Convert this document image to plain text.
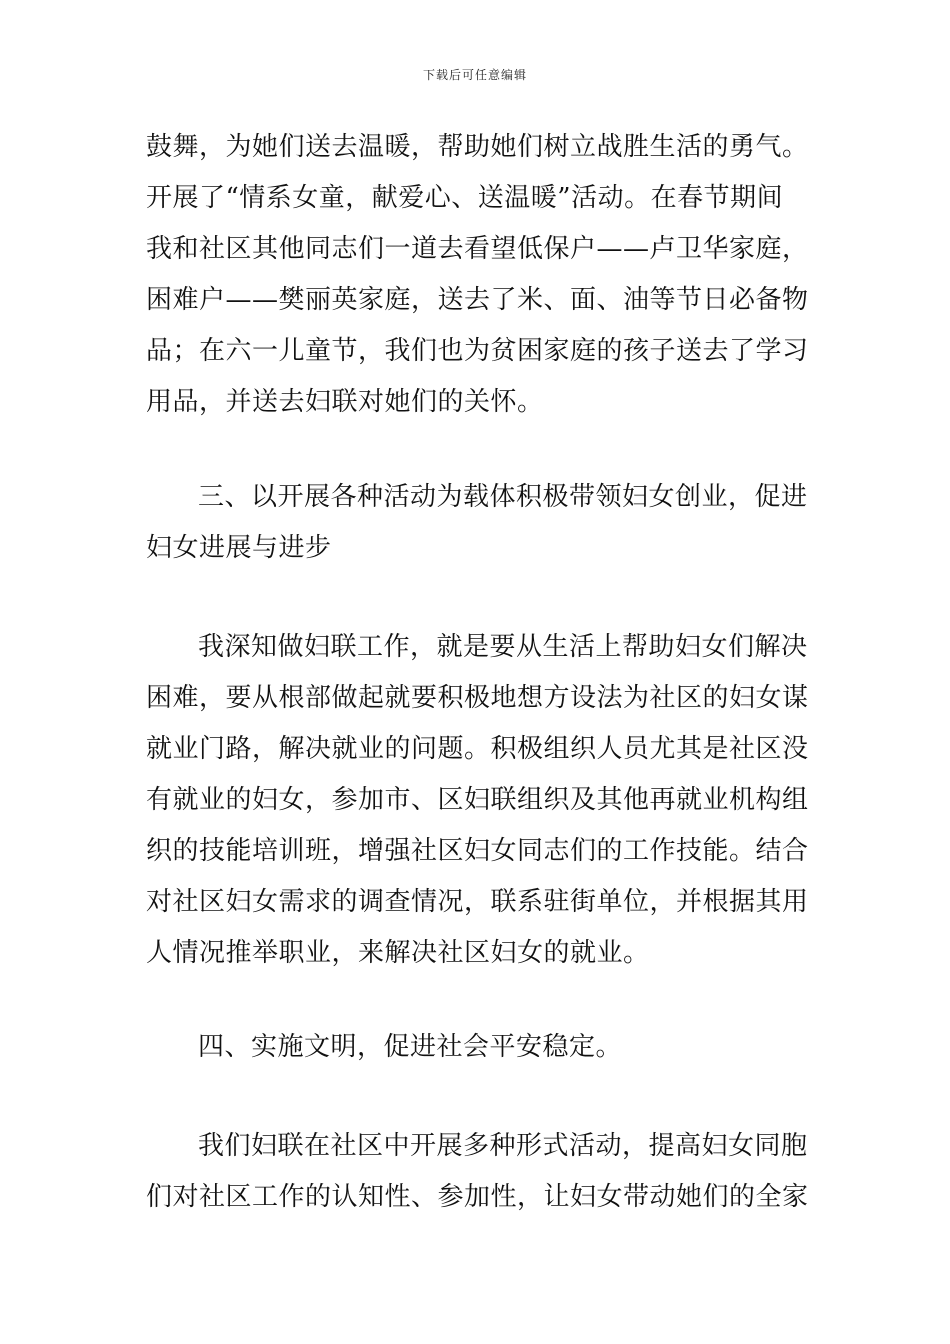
下载后可任意编辑
鼓舞，为她们送去温暖，帮助她们树立战胜生活的勇气。
开展了“情系女童，献爱心、送温暖”活动。在春节期间
我和社区其他同志们一道去看望低保户——卢卫华家庭，
困难户——樊丽英家庭，送去了米、面、油等节日必备物
品；在六一儿童节，我们也为贫困家庭的孩子送去了学习
用品，并送去妇联对她们的关怀。
三、以开展各种活动为载体积极带领妇女创业，促进
妇女进展与进步
我深知做妇联工作，就是要从生活上帮助妇女们解决
困难，要从根部做起就要积极地想方设法为社区的妇女谋
就业门路，解决就业的问题。积极组织人员尤其是社区没
有就业的妇女，参加市、区妇联组织及其他再就业机构组
织的技能培训班，增强社区妇女同志们的工作技能。结合
对社区妇女需求的调查情况，联系驻街单位，并根据其用
人情况推举职业，来解决社区妇女的就业。
四、实施文明，促进社会平安稳定。
我们妇联在社区中开展多种形式活动，提高妇女同胞
们对社区工作的认知性、参加性，让妇女带动她们的全家
